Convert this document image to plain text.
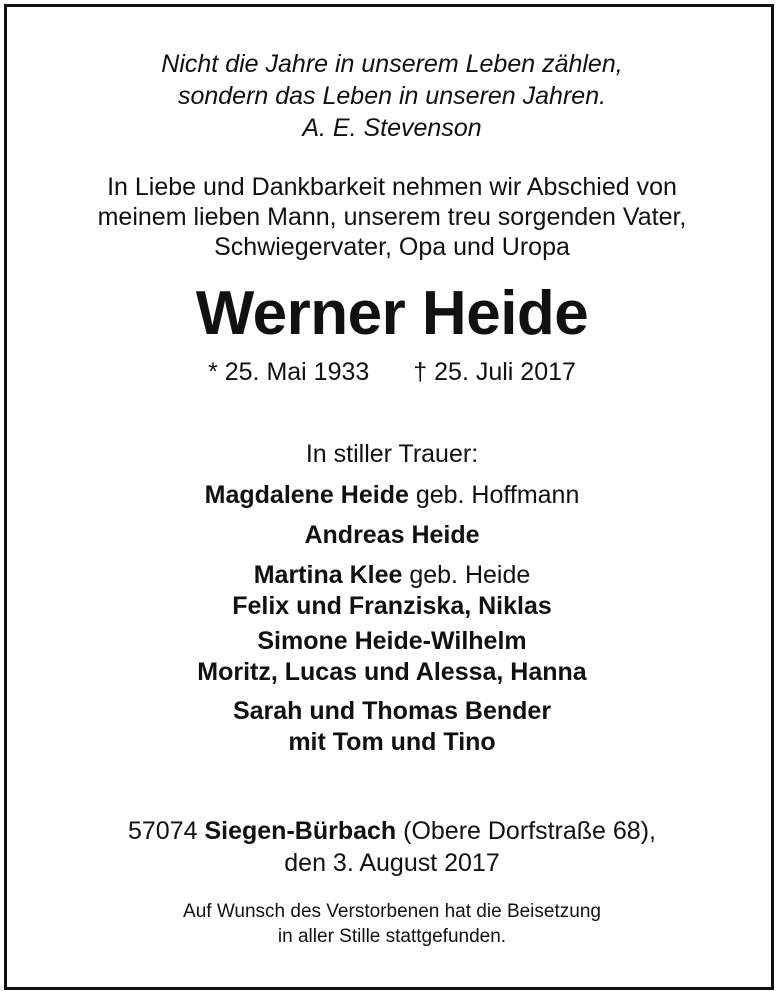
Nicht die Jahre in unserem Leben zählen,
sondern das Leben in unseren Jahren.
A. E. Stevenson
In Liebe und Dankbarkeit nehmen wir Abschied von
meinem lieben Mann, unserem treu sorgenden Vater,
Schwiegervater, Opa und Uropa
Werner Heide
* 25. Mai 1933 † 25. Juli 2017
In stiller Trauer:
Magdalene Heide geb. Hoffmann
Andreas Heide
Martina Klee geb. Heide
Felix und Franziska, Niklas
Simone Heide-Wilhelm
Moritz, Lucas und Alessa, Hanna
Sarah und Thomas Bender
mit Tom und Tino
57074 Siegen-Bürbach (Obere Dorfstraße 68),
den 3. August 2017
Auf Wunsch des Verstorbenen hat die Beisetzung
in aller Stille stattgefunden.
